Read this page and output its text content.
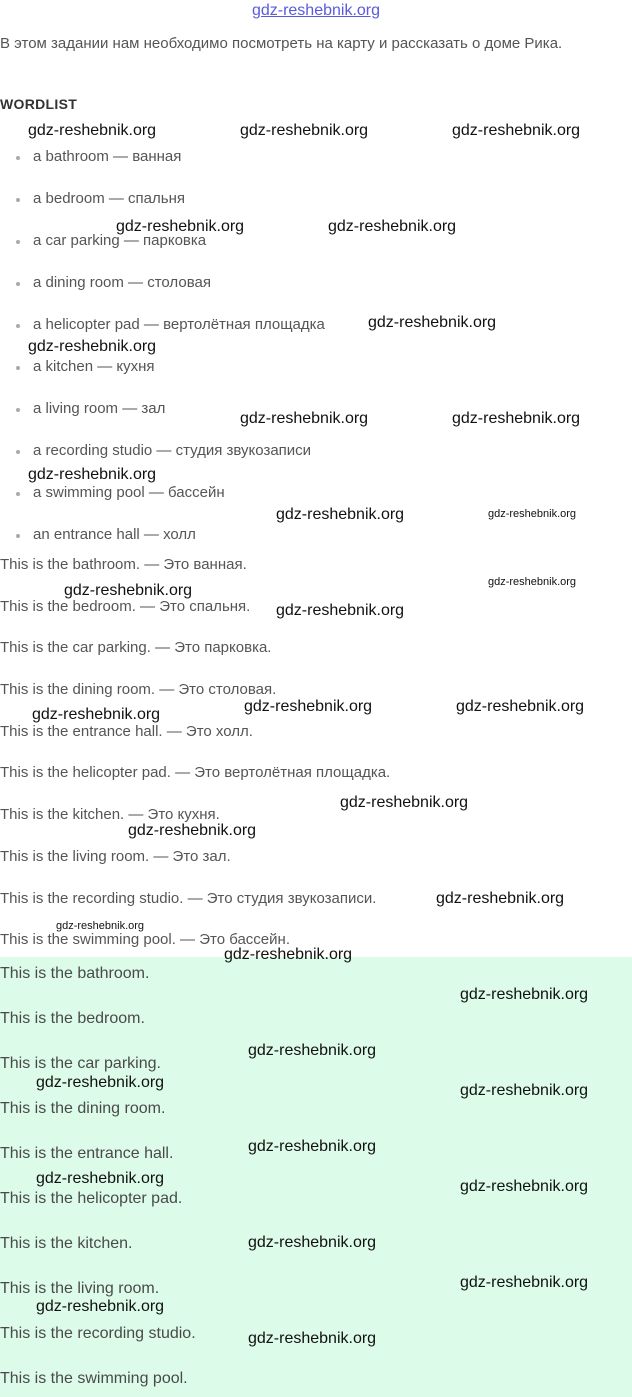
gdz-reshebnik.org
В этом задании нам необходимо посмотреть на карту и рассказать о доме Рика.
WORDLIST
a bathroom — ванная
a bedroom — спальня
a car parking — парковка
a dining room — столовая
a helicopter pad — вертолётная площадка
a kitchen — кухня
a living room — зал
a recording studio — студия звукозаписи
a swimming pool — бассейн
an entrance hall — холл
This is the bathroom. — Это ванная.
This is the bedroom. — Это спальня.
This is the car parking. — Это парковка.
This is the dining room. — Это столовая.
This is the entrance hall. — Это холл.
This is the helicopter pad. — Это вертолётная площадка.
This is the kitchen. — Это кухня.
This is the living room. — Это зал.
This is the recording studio. — Это студия звукозаписи.
This is the swimming pool. — Это бассейн.
This is the bathroom.
This is the bedroom.
This is the car parking.
This is the dining room.
This is the entrance hall.
This is the helicopter pad.
This is the kitchen.
This is the living room.
This is the recording studio.
This is the swimming pool.
gdz-reshebnik.org	gdz-reshebnik.org	gdz-reshebnik.org
gdz-reshebnik.org	gdz-reshebnik.org
gdz-reshebnik.org
gdz-reshebnik.org
gdz-reshebnik.org	gdz-reshebnik.org
gdz-reshebnik.org
gdz-reshebnik.org	gdz-reshebnik.org
gdz-reshebnik.org
gdz-reshebnik.org
gdz-reshebnik.org
gdz-reshebnik.org	gdz-reshebnik.org
gdz-reshebnik.org
gdz-reshebnik.org
gdz-reshebnik.org
gdz-reshebnik.org
gdz-reshebnik.org
gdz-reshebnik.org
gdz-reshebnik.org
gdz-reshebnik.org
gdz-reshebnik.org	gdz-reshebnik.org
gdz-reshebnik.org
gdz-reshebnik.org	gdz-reshebnik.org
gdz-reshebnik.org
gdz-reshebnik.org
gdz-reshebnik.org
gdz-reshebnik.org
